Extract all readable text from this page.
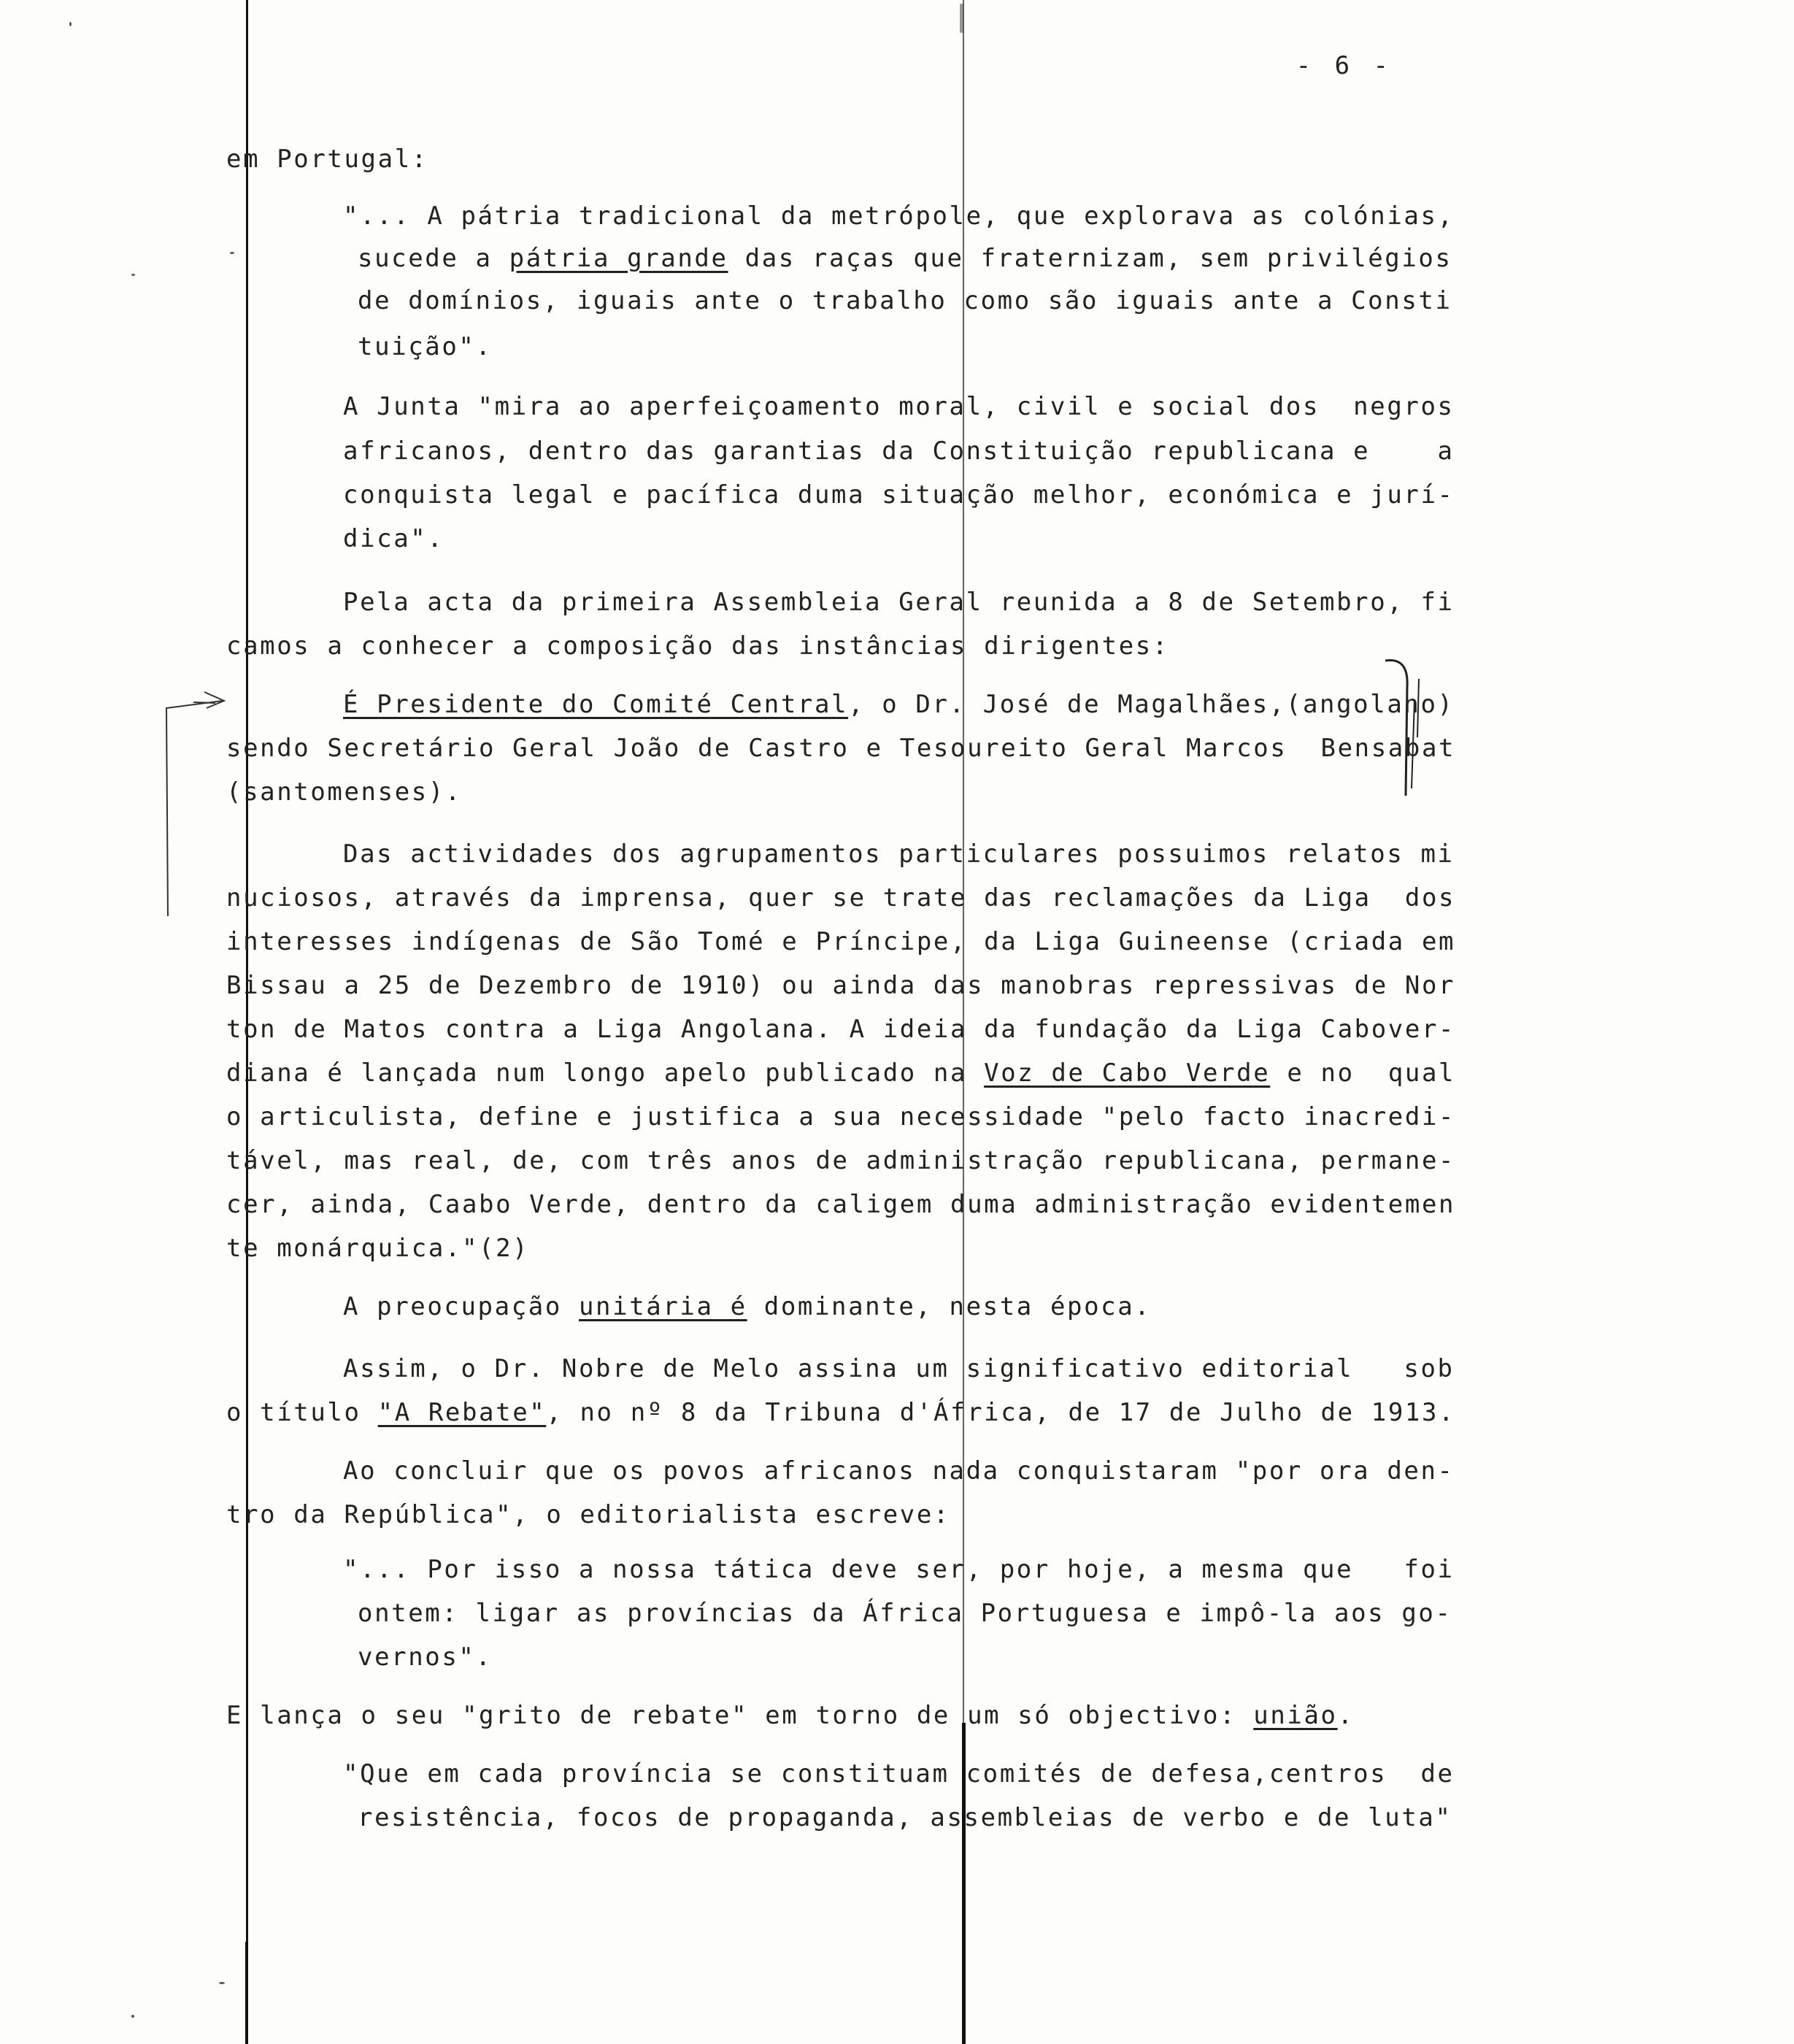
- 6 -
em Portugal:
"... A pátria tradicional da metrópole, que explorava as colónias,
sucede a pátria grande das raças que fraternizam, sem privilégios
de domínios, iguais ante o trabalho como são iguais ante a Consti
tuição".
A Junta "mira ao aperfeiçoamento moral, civil e social dos  negros
africanos, dentro das garantias da Constituição republicana e    a
conquista legal e pacífica duma situação melhor, económica e jurí-
dica".
Pela acta da primeira Assembleia Geral reunida a 8 de Setembro, fi
camos a conhecer a composição das instâncias dirigentes:
É Presidente do Comité Central, o Dr. José de Magalhães,(angolano)
sendo Secretário Geral João de Castro e Tesoureito Geral Marcos  Bensabat
(santomenses).
Das actividades dos agrupamentos particulares possuimos relatos mi
nuciosos, através da imprensa, quer se trate das reclamações da Liga  dos
interesses indígenas de São Tomé e Príncipe, da Liga Guineense (criada em
Bissau a 25 de Dezembro de 1910) ou ainda das manobras repressivas de Nor
ton de Matos contra a Liga Angolana. A ideia da fundação da Liga Cabover-
diana é lançada num longo apelo publicado na Voz de Cabo Verde e no  qual
o articulista, define e justifica a sua necessidade "pelo facto inacredi-
tável, mas real, de, com três anos de administração republicana, permane-
cer, ainda, Caabo Verde, dentro da caligem duma administração evidentemen
te monárquica."(2)
A preocupação unitária é dominante, nesta época.
Assim, o Dr. Nobre de Melo assina um significativo editorial   sob
o título "A Rebate", no nº 8 da Tribuna d'África, de 17 de Julho de 1913.
Ao concluir que os povos africanos nada conquistaram "por ora den-
tro da República", o editorialista escreve:
"... Por isso a nossa tática deve ser, por hoje, a mesma que   foi
ontem: ligar as províncias da África Portuguesa e impô-la aos go-
vernos".
E lança o seu "grito de rebate" em torno de um só objectivo: união.
"Que em cada província se constituam comités de defesa,centros  de
resistência, focos de propaganda, assembleias de verbo e de luta"
